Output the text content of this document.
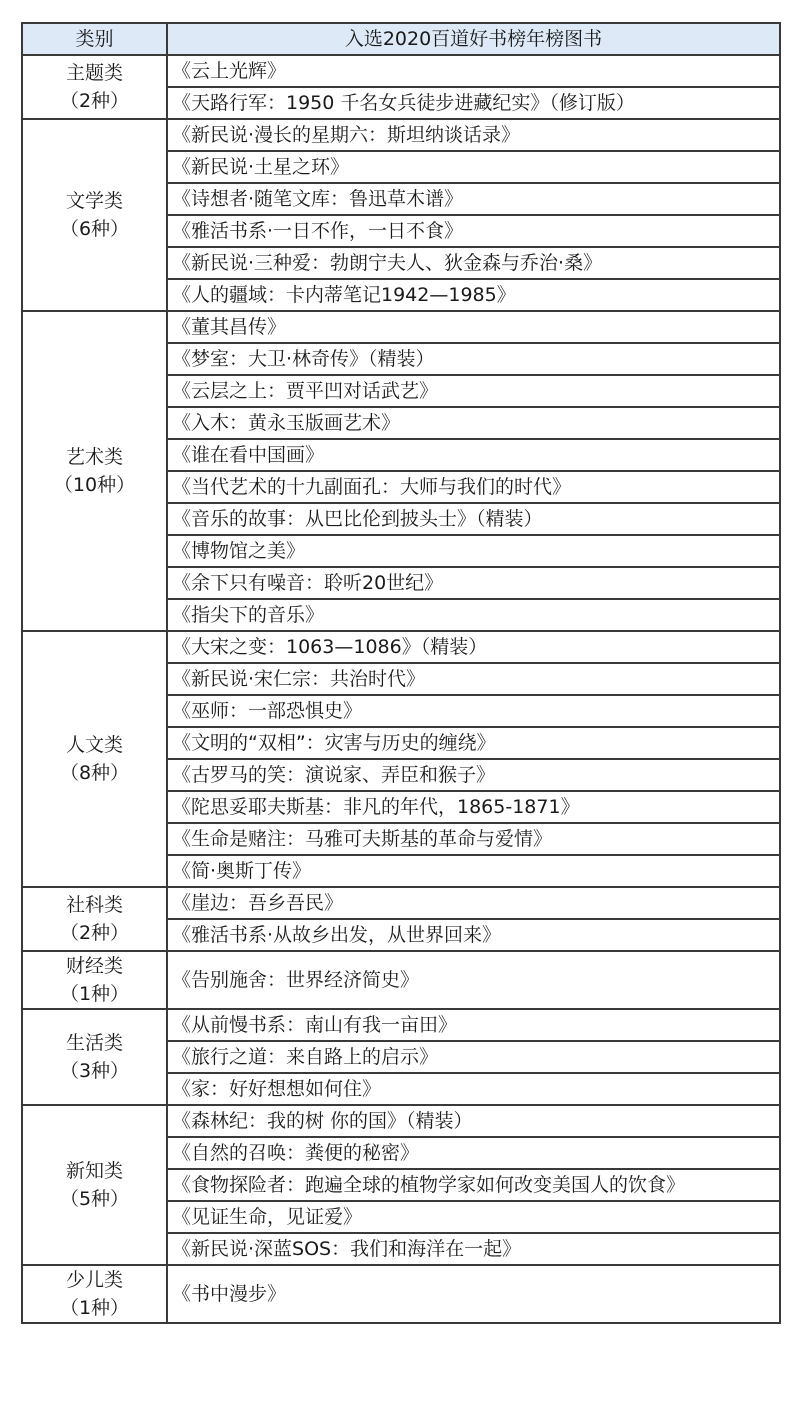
类别	入选2020百道好书榜年榜图书

主题类
（2种）	《云上光辉》
	《天路行军：1950 千名女兵徒步进藏纪实》（修订版）

文学类
（6种）	《新民说·漫长的星期六：斯坦纳谈话录》
	《新民说·土星之环》
	《诗想者·随笔文库：鲁迅草木谱》
	《雅活书系·一日不作，一日不食》
	《新民说·三种爱：勃朗宁夫人、狄金森与乔治·桑》
	《人的疆域：卡内蒂笔记1942—1985》

艺术类
（10种）	《董其昌传》
	《梦室：大卫·林奇传》（精装）
	《云层之上：贾平凹对话武艺》
	《入木：黄永玉版画艺术》
	《谁在看中国画》
	《当代艺术的十九副面孔：大师与我们的时代》
	《音乐的故事：从巴比伦到披头士》（精装）
	《博物馆之美》
	《余下只有噪音：聆听20世纪》
	《指尖下的音乐》

人文类
（8种）	《大宋之变：1063—1086》（精装）
	《新民说·宋仁宗：共治时代》
	《巫师：一部恐惧史》
	《文明的“双相”：灾害与历史的缠绕》
	《古罗马的笑：演说家、弄臣和猴子》
	《陀思妥耶夫斯基：非凡的年代，1865-1871》
	《生命是赌注：马雅可夫斯基的革命与爱情》
	《简·奥斯丁传》

社科类
（2种）	《崖边：吾乡吾民》
	《雅活书系·从故乡出发，从世界回来》

财经类
（1种）	《告别施舍：世界经济简史》

生活类
（3种）	《从前慢书系：南山有我一亩田》
	《旅行之道：来自路上的启示》
	《家：好好想想如何住》

新知类
（5种）	《森林纪：我的树 你的国》（精装）
	《自然的召唤：粪便的秘密》
	《食物探险者：跑遍全球的植物学家如何改变美国人的饮食》
	《见证生命，见证爱》
	《新民说·深蓝SOS：我们和海洋在一起》

少儿类
（1种）	《书中漫步》
